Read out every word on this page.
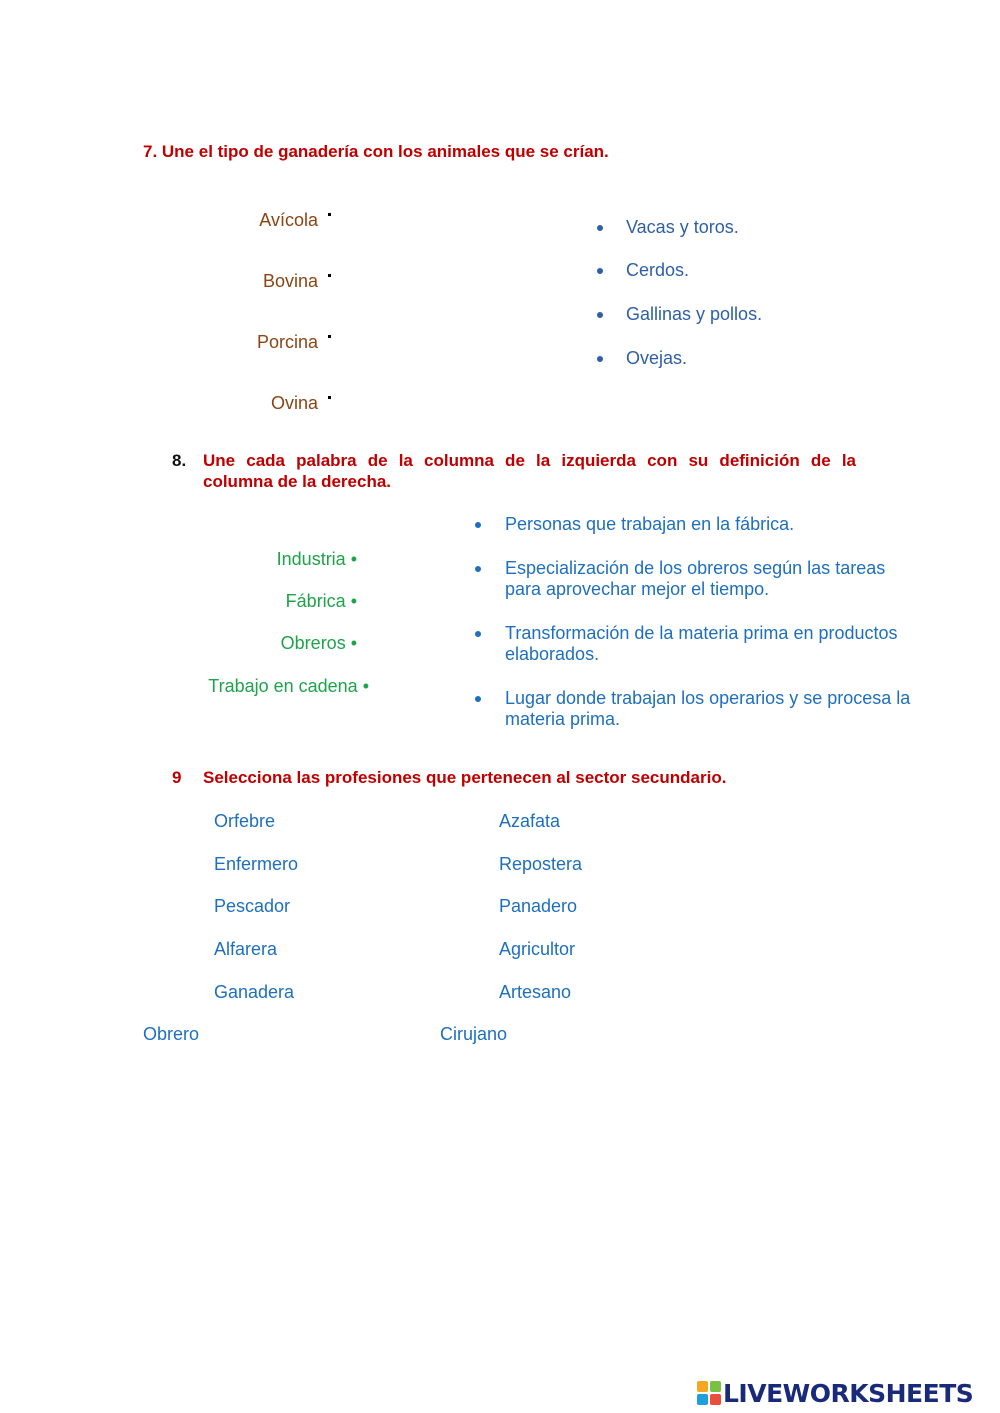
7. Une el tipo de ganadería con los animales que se crían.
Avícola
Bovina
Porcina
Ovina
Vacas y toros.
Cerdos.
Gallinas y pollos.
Ovejas.
8. Une cada palabra de la columna de la izquierda con su definición de la
columna de la derecha.
Industria •
Fábrica •
Obreros •
Trabajo en cadena •
Personas que trabajan en la fábrica.
Especialización de los obreros según las tareas
para aprovechar mejor el tiempo.
Transformación de la materia prima en productos
elaborados.
Lugar donde trabajan los operarios y se procesa la
materia prima.
9 Selecciona las profesiones que pertenecen al sector secundario.
Orfebre
Enfermero
Pescador
Alfarera
Ganadera
Azafata
Repostera
Panadero
Agricultor
Artesano
Obrero	Cirujano
LIVEWORKSHEETS
